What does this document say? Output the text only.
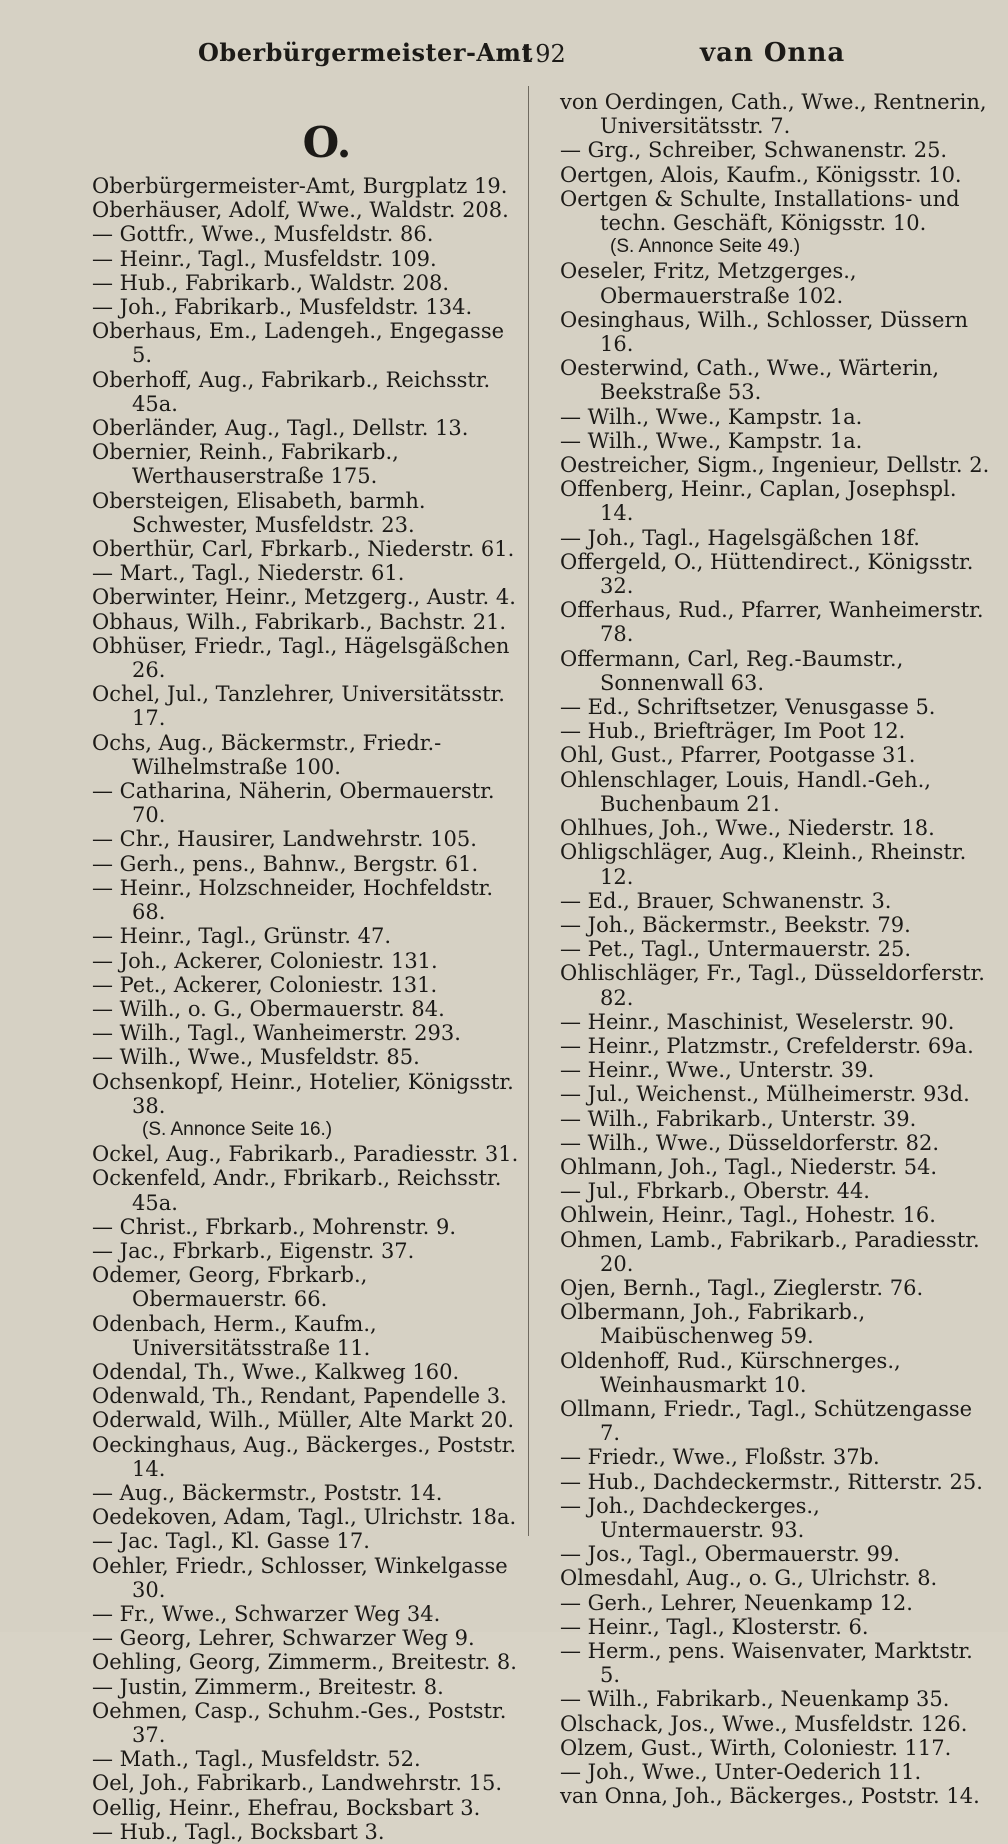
Oberbürgermeister-Amt
192	van Onna
O.

Oberbürgermeister-Amt, Burgplatz 19.

Oberhäuser, Adolf, Wwe., Waldstr. 208.

— Gottfr., Wwe., Musfeldstr. 86.

— Heinr., Tagl., Musfeldstr. 109.

— Hub., Fabrikarb., Waldstr. 208.

— Joh., Fabrikarb., Musfeldstr. 134.

Oberhaus, Em., Ladengeh., Engegasse 5.

Oberhoff, Aug., Fabrikarb., Reichsstr. 45a.

Oberländer, Aug., Tagl., Dellstr. 13.

Obernier, Reinh., Fabrikarb., Werthauserstraße 175.

Obersteigen, Elisabeth, barmh. Schwester, Musfeldstr. 23.

Oberthür, Carl, Fbrkarb., Niederstr. 61.

— Mart., Tagl., Niederstr. 61.

Oberwinter, Heinr., Metzgerg., Austr. 4.

Obhaus, Wilh., Fabrikarb., Bachstr. 21.

Obhüser, Friedr., Tagl., Hägelsgäßchen 26.

Ochel, Jul., Tanzlehrer, Universitätsstr. 17.

Ochs, Aug., Bäckermstr., Friedr.-Wilhelmstraße 100.

— Catharina, Näherin, Obermauerstr. 70.

— Chr., Hausirer, Landwehrstr. 105.

— Gerh., pens., Bahnw., Bergstr. 61.

— Heinr., Holzschneider, Hochfeldstr. 68.

— Heinr., Tagl., Grünstr. 47.

— Joh., Ackerer, Coloniestr. 131.

— Pet., Ackerer, Coloniestr. 131.

— Wilh., o. G., Obermauerstr. 84.

— Wilh., Tagl., Wanheimerstr. 293.

— Wilh., Wwe., Musfeldstr. 85.

Ochsenkopf, Heinr., Hotelier, Königsstr. 38.

(S. Annonce Seite 16.)

Ockel, Aug., Fabrikarb., Paradiesstr. 31.

Ockenfeld, Andr., Fbrikarb., Reichsstr. 45a.

— Christ., Fbrkarb., Mohrenstr. 9.

— Jac., Fbrkarb., Eigenstr. 37.

Odemer, Georg, Fbrkarb., Obermauerstr. 66.

Odenbach, Herm., Kaufm., Universitätsstraße 11.

Odendal, Th., Wwe., Kalkweg 160.

Odenwald, Th., Rendant, Papendelle 3.

Oderwald, Wilh., Müller, Alte Markt 20.

Oeckinghaus, Aug., Bäckerges., Poststr. 14.

— Aug., Bäckermstr., Poststr. 14.

Oedekoven, Adam, Tagl., Ulrichstr. 18a.

— Jac. Tagl., Kl. Gasse 17.

Oehler, Friedr., Schlosser, Winkelgasse 30.

— Fr., Wwe., Schwarzer Weg 34.

— Georg, Lehrer, Schwarzer Weg 9.

Oehling, Georg, Zimmerm., Breitestr. 8.

— Justin, Zimmerm., Breitestr. 8.

Oehmen, Casp., Schuhm.-Ges., Poststr. 37.

— Math., Tagl., Musfeldstr. 52.

Oel, Joh., Fabrikarb., Landwehrstr. 15.

Oellig, Heinr., Ehefrau, Bocksbart 3.

— Hub., Tagl., Bocksbart 3.

von Oerdingen, Cath., Wwe., Rentnerin, Universitätsstr. 7.

— Grg., Schreiber, Schwanenstr. 25.

Oertgen, Alois, Kaufm., Königsstr. 10.

Oertgen & Schulte, Installations- und techn. Geschäft, Königsstr. 10.

(S. Annonce Seite 49.)

Oeseler, Fritz, Metzgerges., Obermauerstraße 102.

Oesinghaus, Wilh., Schlosser, Düssern 16.

Oesterwind, Cath., Wwe., Wärterin, Beekstraße 53.

— Wilh., Wwe., Kampstr. 1a.

— Wilh., Wwe., Kampstr. 1a.

Oestreicher, Sigm., Ingenieur, Dellstr. 2.

Offenberg, Heinr., Caplan, Josephspl. 14.

— Joh., Tagl., Hagelsgäßchen 18f.

Offergeld, O., Hüttendirect., Königsstr. 32.

Offerhaus, Rud., Pfarrer, Wanheimerstr. 78.

Offermann, Carl, Reg.-Baumstr., Sonnenwall 63.

— Ed., Schriftsetzer, Venusgasse 5.

— Hub., Briefträger, Im Poot 12.

Ohl, Gust., Pfarrer, Pootgasse 31.

Ohlenschlager, Louis, Handl.-Geh., Buchenbaum 21.

Ohlhues, Joh., Wwe., Niederstr. 18.

Ohligschläger, Aug., Kleinh., Rheinstr. 12.

— Ed., Brauer, Schwanenstr. 3.

— Joh., Bäckermstr., Beekstr. 79.

— Pet., Tagl., Untermauerstr. 25.

Ohlischläger, Fr., Tagl., Düsseldorferstr. 82.

— Heinr., Maschinist, Weselerstr. 90.

— Heinr., Platzmstr., Crefelderstr. 69a.

— Heinr., Wwe., Unterstr. 39.

— Jul., Weichenst., Mülheimerstr. 93d.

— Wilh., Fabrikarb., Unterstr. 39.

— Wilh., Wwe., Düsseldorferstr. 82.

Ohlmann, Joh., Tagl., Niederstr. 54.

— Jul., Fbrkarb., Oberstr. 44.

Ohlwein, Heinr., Tagl., Hohestr. 16.

Ohmen, Lamb., Fabrikarb., Paradiesstr. 20.

Ojen, Bernh., Tagl., Zieglerstr. 76.

Olbermann, Joh., Fabrikarb., Maibüschenweg 59.

Oldenhoff, Rud., Kürschnerges., Weinhausmarkt 10.

Ollmann, Friedr., Tagl., Schützengasse 7.

— Friedr., Wwe., Floßstr. 37b.

— Hub., Dachdeckermstr., Ritterstr. 25.

— Joh., Dachdeckerges., Untermauerstr. 93.

— Jos., Tagl., Obermauerstr. 99.

Olmesdahl, Aug., o. G., Ulrichstr. 8.

— Gerh., Lehrer, Neuenkamp 12.

— Heinr., Tagl., Klosterstr. 6.

— Herm., pens. Waisenvater, Marktstr. 5.

— Wilh., Fabrikarb., Neuenkamp 35.

Olschack, Jos., Wwe., Musfeldstr. 126.

Olzem, Gust., Wirth, Coloniestr. 117.

— Joh., Wwe., Unter-Oederich 11.

van Onna, Joh., Bäckerges., Poststr. 14.
